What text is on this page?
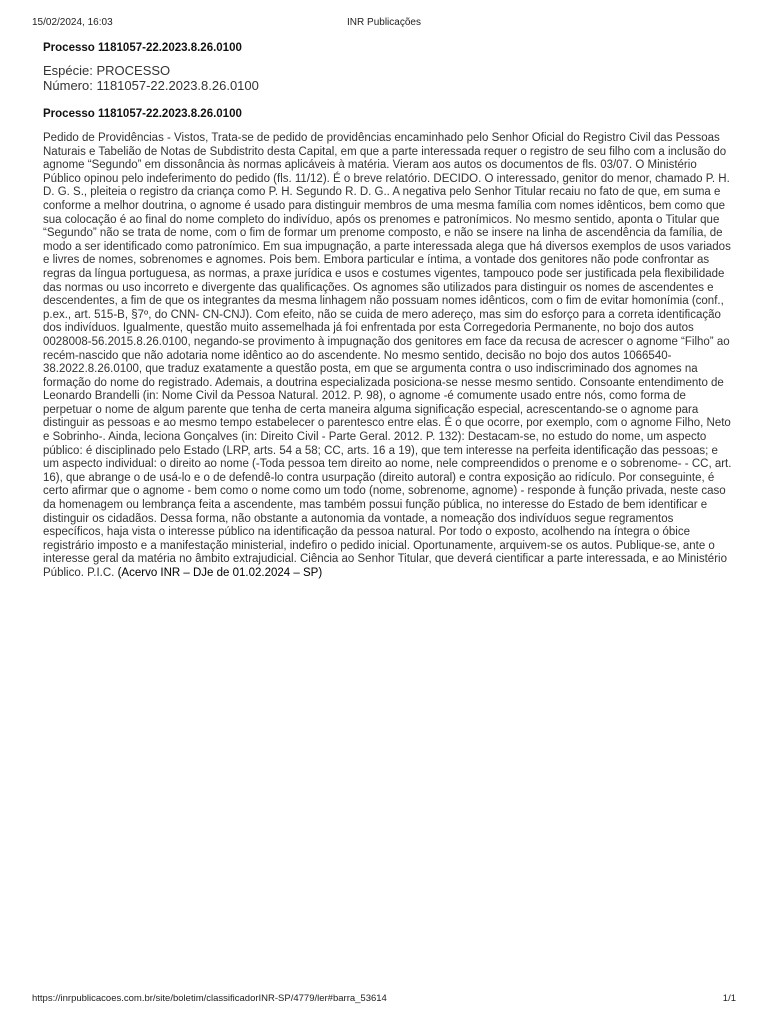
15/02/2024, 16:03	INR Publicações

Processo 1181057-22.2023.8.26.0100

Espécie: PROCESSO
Número: 1181057-22.2023.8.26.0100

Processo 1181057-22.2023.8.26.0100

Pedido de Providências - Vistos, Trata-se de pedido de providências encaminhado pelo Senhor Oficial do Registro Civil das Pessoas Naturais e Tabelião de Notas de Subdistrito desta Capital, em que a parte interessada requer o registro de seu filho com a inclusão do agnome “Segundo” em dissonância às normas aplicáveis à matéria. Vieram aos autos os documentos de fls. 03/07. O Ministério Público opinou pelo indeferimento do pedido (fls. 11/12). É o breve relatório. DECIDO. O interessado, genitor do menor, chamado P. H. D. G. S., pleiteia o registro da criança como P. H. Segundo R. D. G.. A negativa pelo Senhor Titular recaiu no fato de que, em suma e conforme a melhor doutrina, o agnome é usado para distinguir membros de uma mesma família com nomes idênticos, bem como que sua colocação é ao final do nome completo do indivíduo, após os prenomes e patronímicos. No mesmo sentido, aponta o Titular que “Segundo” não se trata de nome, com o fim de formar um prenome composto, e não se insere na linha de ascendência da família, de modo a ser identificado como patronímico. Em sua impugnação, a parte interessada alega que há diversos exemplos de usos variados e livres de nomes, sobrenomes e agnomes. Pois bem. Embora particular e íntima, a vontade dos genitores não pode confrontar as regras da língua portuguesa, as normas, a praxe jurídica e usos e costumes vigentes, tampouco pode ser justificada pela flexibilidade das normas ou uso incorreto e divergente das qualificações. Os agnomes são utilizados para distinguir os nomes de ascendentes e descendentes, a fim de que os integrantes da mesma linhagem não possuam nomes idênticos, com o fim de evitar homonímia (conf., p.ex., art. 515-B, §7º, do CNN- CN-CNJ). Com efeito, não se cuida de mero adereço, mas sim do esforço para a correta identificação dos indivíduos. Igualmente, questão muito assemelhada já foi enfrentada por esta Corregedoria Permanente, no bojo dos autos 0028008-56.2015.8.26.0100, negando-se provimento à impugnação dos genitores em face da recusa de acrescer o agnome “Filho” ao recém-nascido que não adotaria nome idêntico ao do ascendente. No mesmo sentido, decisão no bojo dos autos 1066540-38.2022.8.26.0100, que traduz exatamente a questão posta, em que se argumenta contra o uso indiscriminado dos agnomes na formação do nome do registrado. Ademais, a doutrina especializada posiciona-se nesse mesmo sentido. Consoante entendimento de Leonardo Brandelli (in: Nome Civil da Pessoa Natural. 2012. P. 98), o agnome -é comumente usado entre nós, como forma de perpetuar o nome de algum parente que tenha de certa maneira alguma significação especial, acrescentando-se o agnome para distinguir as pessoas e ao mesmo tempo estabelecer o parentesco entre elas. É o que ocorre, por exemplo, com o agnome Filho, Neto e Sobrinho-. Ainda, leciona Gonçalves (in: Direito Civil - Parte Geral. 2012. P. 132): Destacam-se, no estudo do nome, um aspecto público: é disciplinado pelo Estado (LRP, arts. 54 a 58; CC, arts. 16 a 19), que tem interesse na perfeita identificação das pessoas; e um aspecto individual: o direito ao nome (-Toda pessoa tem direito ao nome, nele compreendidos o prenome e o sobrenome- - CC, art. 16), que abrange o de usá-lo e o de defendê-lo contra usurpação (direito autoral) e contra exposição ao ridículo. Por conseguinte, é certo afirmar que o agnome - bem como o nome como um todo (nome, sobrenome, agnome) - responde à função privada, neste caso da homenagem ou lembrança feita a ascendente, mas também possui função pública, no interesse do Estado de bem identificar e distinguir os cidadãos. Dessa forma, não obstante a autonomia da vontade, a nomeação dos indivíduos segue regramentos específicos, haja vista o interesse público na identificação da pessoa natural. Por todo o exposto, acolhendo na íntegra o óbice registrário imposto e a manifestação ministerial, indefiro o pedido inicial. Oportunamente, arquivem-se os autos. Publique-se, ante o interesse geral da matéria no âmbito extrajudicial. Ciência ao Senhor Titular, que deverá cientificar a parte interessada, e ao Ministério Público. P.I.C. (Acervo INR – DJe de 01.02.2024 – SP)
https://inrpublicacoes.com.br/site/boletim/classificadorINR-SP/4779/ler#barra_53614	1/1
